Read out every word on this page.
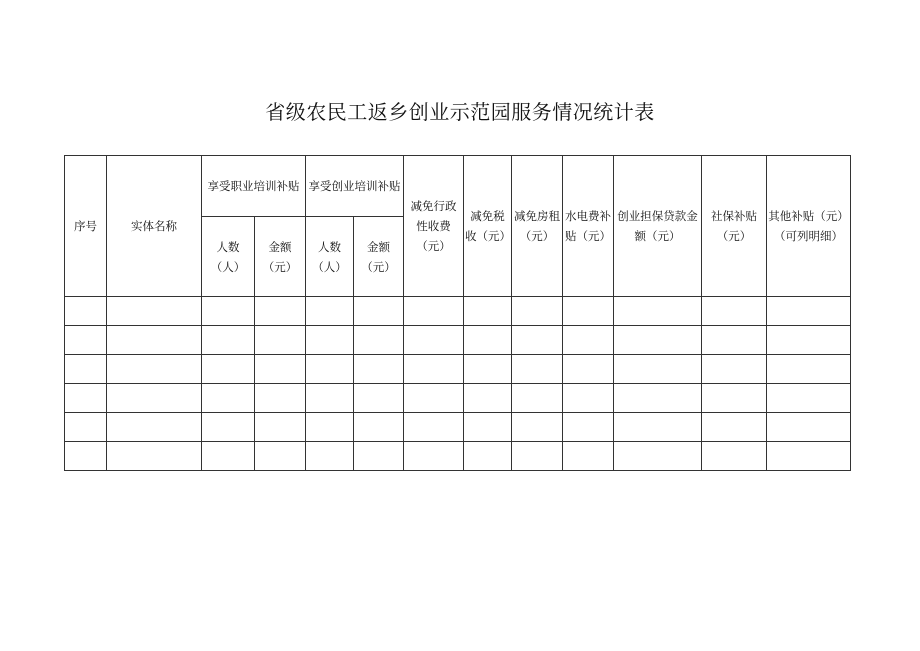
省级农民工返乡创业示范园服务情况统计表
序号	实体名称	享受职业培训补贴		享受创业培训补贴		减免行政性收费（元）	减免税收（元）	减免房租（元）	水电费补贴（元）	创业担保贷款金额（元）	社保补贴（元）	其他补贴（元）（可列明细）
		人数（人）	金额（元）	人数（人）	金额（元）							
